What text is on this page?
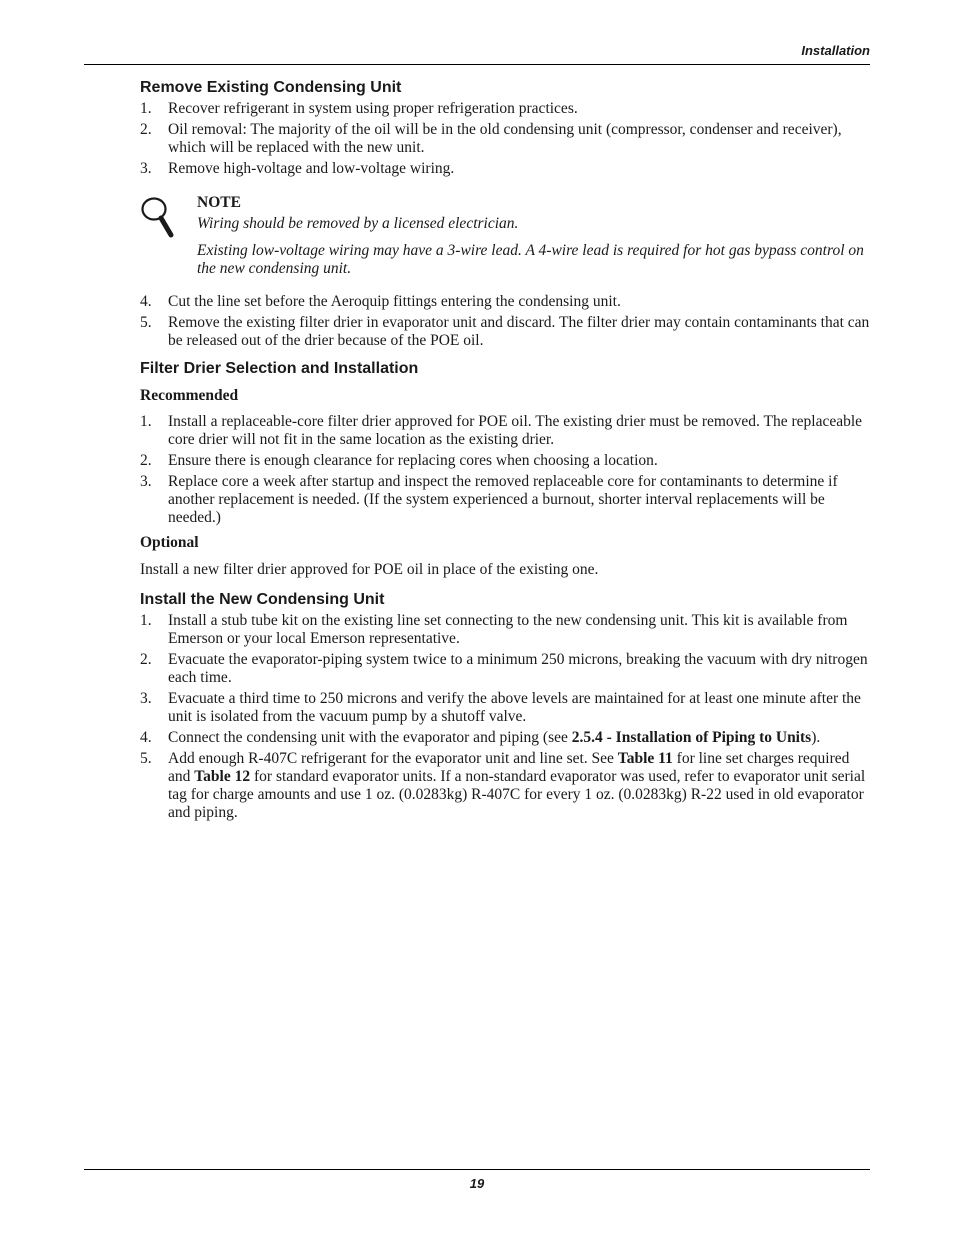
Installation
Remove Existing Condensing Unit
1. Recover refrigerant in system using proper refrigeration practices.
2. Oil removal: The majority of the oil will be in the old condensing unit (compressor, condenser and receiver), which will be replaced with the new unit.
3. Remove high-voltage and low-voltage wiring.
NOTE

Wiring should be removed by a licensed electrician.

Existing low-voltage wiring may have a 3-wire lead. A 4-wire lead is required for hot gas bypass control on the new condensing unit.

4. Cut the line set before the Aeroquip fittings entering the condensing unit.
5. Remove the existing filter drier in evaporator unit and discard. The filter drier may contain contaminants that can be released out of the drier because of the POE oil.
Filter Drier Selection and Installation
Recommended
1. Install a replaceable-core filter drier approved for POE oil. The existing drier must be removed. The replaceable core drier will not fit in the same location as the existing drier.
2. Ensure there is enough clearance for replacing cores when choosing a location.
3. Replace core a week after startup and inspect the removed replaceable core for contaminants to determine if another replacement is needed. (If the system experienced a burnout, shorter interval replacements will be needed.)
Optional

Install a new filter drier approved for POE oil in place of the existing one.

Install the New Condensing Unit
1. Install a stub tube kit on the existing line set connecting to the new condensing unit. This kit is available from Emerson or your local Emerson representative.
2. Evacuate the evaporator-piping system twice to a minimum 250 microns, breaking the vacuum with dry nitrogen each time.
3. Evacuate a third time to 250 microns and verify the above levels are maintained for at least one minute after the unit is isolated from the vacuum pump by a shutoff valve.
4. Connect the condensing unit with the evaporator and piping (see 2.5.4 - Installation of Piping to Units).
5. Add enough R-407C refrigerant for the evaporator unit and line set. See Table 11 for line set charges required and Table 12 for standard evaporator units. If a non-standard evaporator was used, refer to evaporator unit serial tag for charge amounts and use 1 oz. (0.0283kg) R-407C for every 1 oz. (0.0283kg) R-22 used in old evaporator and piping.
19
